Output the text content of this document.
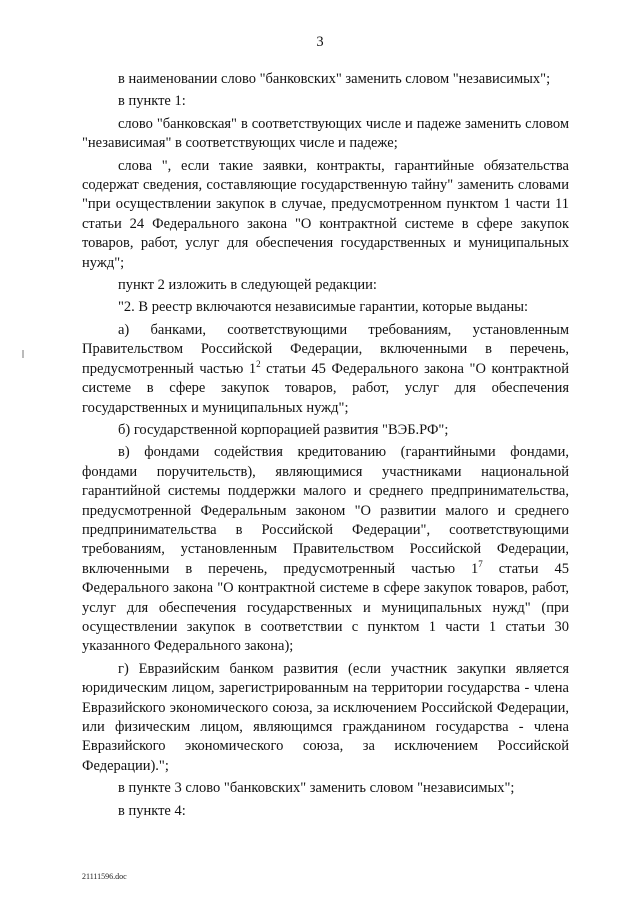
3

в наименовании слово "банковских" заменить словом "независимых";

в пункте 1:

слово "банковская" в соответствующих числе и падеже заменить словом "независимая" в соответствующих числе и падеже;

слова ", если такие заявки, контракты, гарантийные обязательства содержат сведения, составляющие государственную тайну" заменить словами "при осуществлении закупок в случае, предусмотренном пунктом 1 части 11 статьи 24 Федерального закона "О контрактной системе в сфере закупок товаров, работ, услуг для обеспечения государственных и муниципальных нужд";

пункт 2 изложить в следующей редакции:

"2. В реестр включаются независимые гарантии, которые выданы:

а) банками, соответствующими требованиям, установленным Правительством Российской Федерации, включенными в перечень, предусмотренный частью $1^2$ статьи 45 Федерального закона "О контрактной системе в сфере закупок товаров, работ, услуг для обеспечения государственных и муниципальных нужд";

б) государственной корпорацией развития "ВЭБ.РФ";

в) фондами содействия кредитованию (гарантийными фондами, фондами поручительств), являющимися участниками национальной гарантийной системы поддержки малого и среднего предпринимательства, предусмотренной Федеральным законом "О развитии малого и среднего предпринимательства в Российской Федерации", соответствующими требованиям, установленным Правительством Российской Федерации, включенными в перечень, предусмотренный частью $1^7$ статьи 45 Федерального закона "О контрактной системе в сфере закупок товаров, работ, услуг для обеспечения государственных и муниципальных нужд" (при осуществлении закупок в соответствии с пунктом 1 части 1 статьи 30 указанного Федерального закона);

г) Евразийским банком развития (если участник закупки является юридическим лицом, зарегистрированным на территории государства - члена Евразийского экономического союза, за исключением Российской Федерации, или физическим лицом, являющимся гражданином государства - члена Евразийского экономического союза, за исключением Российской Федерации).";

в пункте 3 слово "банковских" заменить словом "независимых";

в пункте 4:

21111596.doc
